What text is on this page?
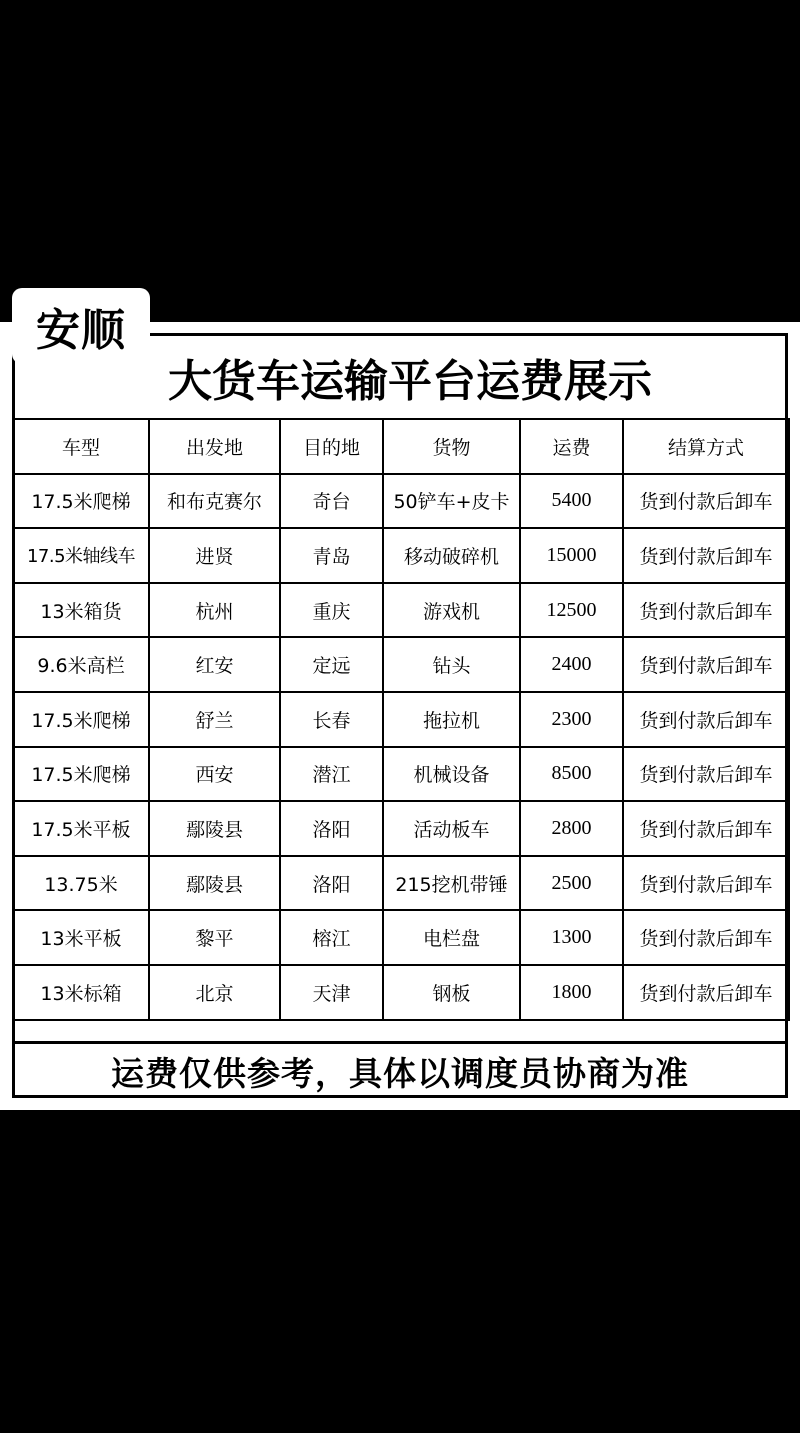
安顺
大货车运输平台运费展示
车型	出发地	目的地	货物	运费	结算方式
17.5米爬梯	和布克赛尔	奇台	50铲车+皮卡	5400	货到付款后卸车
17.5米轴线车	进贤	青岛	移动破碎机	15000	货到付款后卸车
13米箱货	杭州	重庆	游戏机	12500	货到付款后卸车
9.6米高栏	红安	定远	钻头	2400	货到付款后卸车
17.5米爬梯	舒兰	长春	拖拉机	2300	货到付款后卸车
17.5米爬梯	西安	潜江	机械设备	8500	货到付款后卸车
17.5米平板	鄢陵县	洛阳	活动板车	2800	货到付款后卸车
13.75米	鄢陵县	洛阳	215挖机带锤	2500	货到付款后卸车
13米平板	黎平	榕江	电栏盘	1300	货到付款后卸车
13米标箱	北京	天津	钢板	1800	货到付款后卸车
运费仅供参考，具体以调度员协商为准
